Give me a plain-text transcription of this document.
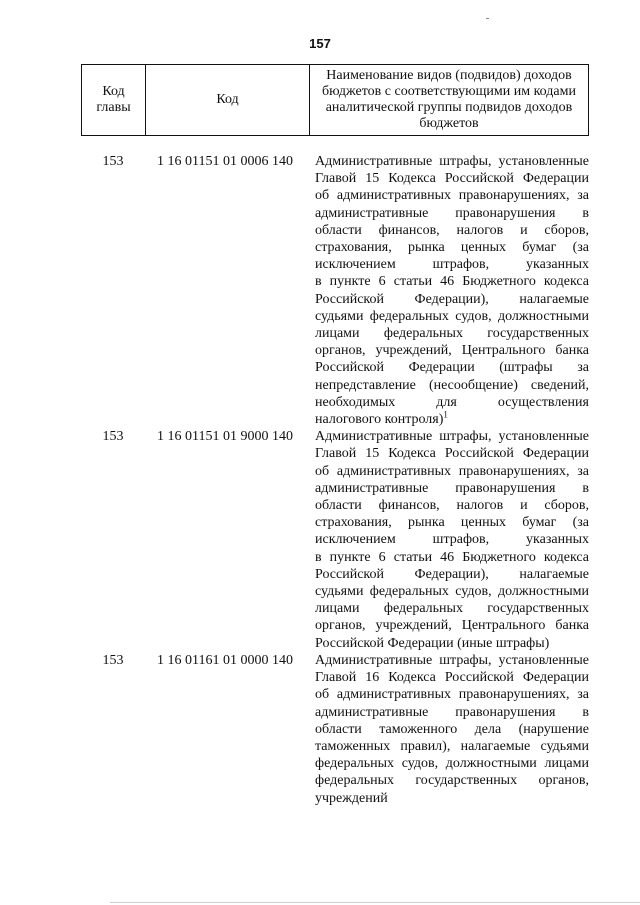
157
Код главы	Код	Наименование видов (подвидов) доходов бюджетов с соответствующими им кодами аналитической группы подвидов доходов бюджетов
153	1 16 01151 01 0006 140	Административные штрафы, установленные
Главой 15 Кодекса Российской Федерации
об административных правонарушениях, за
административные правонарушения в
области финансов, налогов и сборов,
страхования, рынка ценных бумаг (за
исключением штрафов, указанных
в пункте 6 статьи 46 Бюджетного кодекса
Российской Федерации), налагаемые
судьями федеральных судов, должностными
лицами федеральных государственных
органов, учреждений, Центрального банка
Российской Федерации (штрафы за
непредставление (несообщение) сведений,
необходимых для осуществления
налогового контроля)$^1$
153	1 16 01151 01 9000 140	Административные штрафы, установленные
Главой 15 Кодекса Российской Федерации
об административных правонарушениях, за
административные правонарушения в
области финансов, налогов и сборов,
страхования, рынка ценных бумаг (за
исключением штрафов, указанных
в пункте 6 статьи 46 Бюджетного кодекса
Российской Федерации), налагаемые
судьями федеральных судов, должностными
лицами федеральных государственных
органов, учреждений, Центрального банка
Российской Федерации (иные штрафы)
153	1 16 01161 01 0000 140	Административные штрафы, установленные
Главой 16 Кодекса Российской Федерации
об административных правонарушениях, за
административные правонарушения в
области таможенного дела (нарушение
таможенных правил), налагаемые судьями
федеральных судов, должностными лицами
федеральных государственных органов,
учреждений
